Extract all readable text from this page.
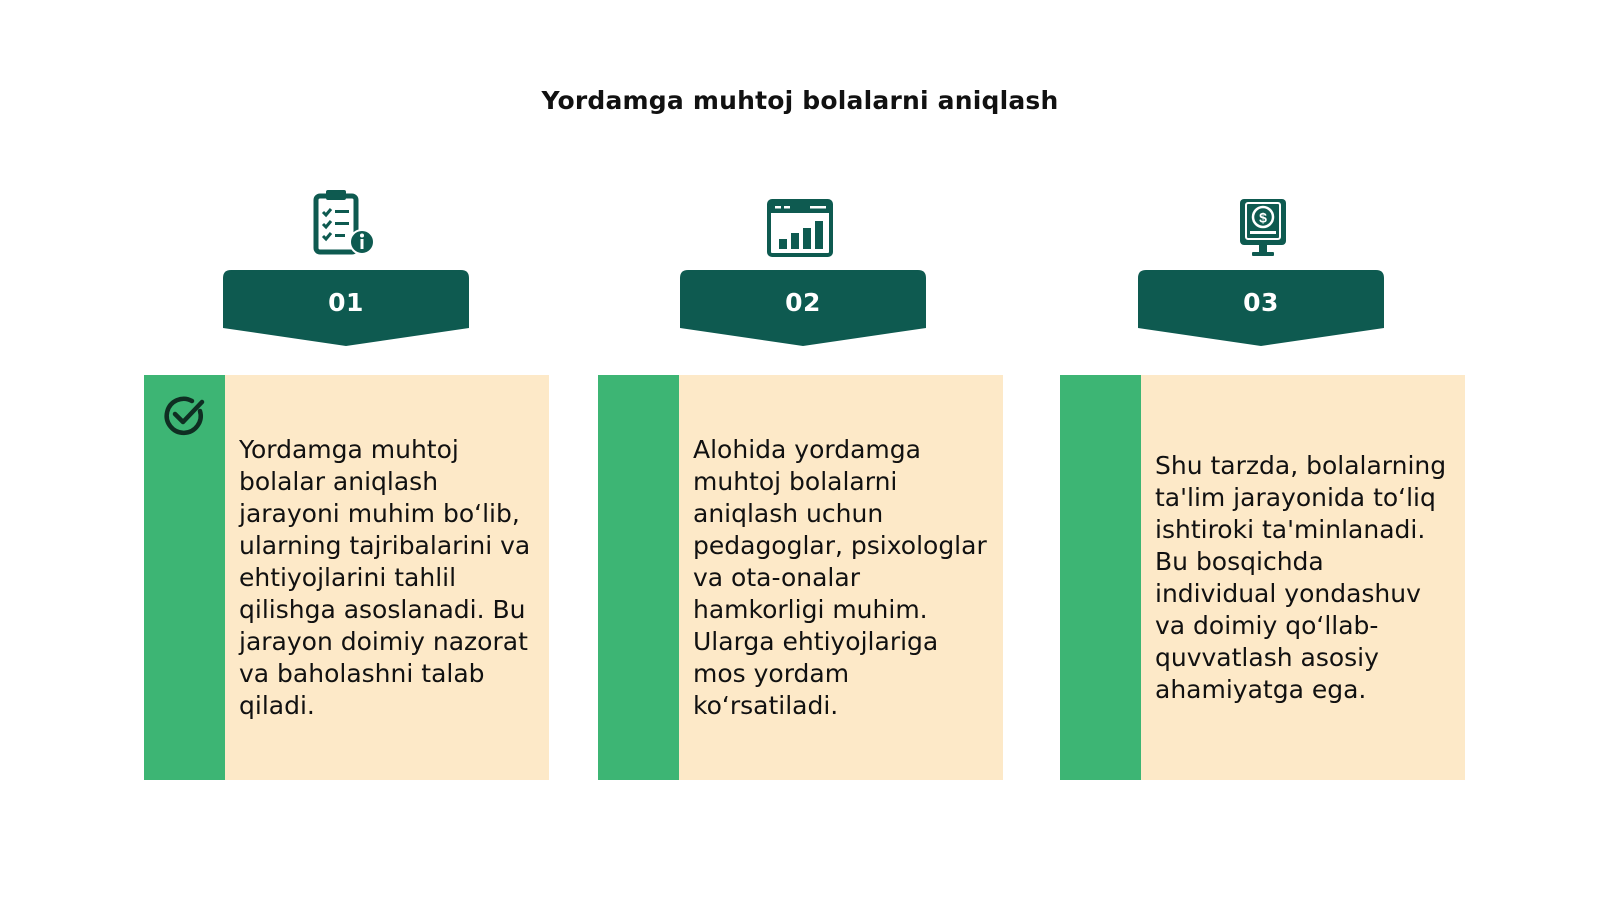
Yordamga muhtoj bolalarni aniqlash
01
Yordamga muhtoj bolalar aniqlash jarayoni muhim bo‘lib, ularning tajribalarini va ehtiyojlarini tahlil qilishga asoslanadi. Bu jarayon doimiy nazorat va baholashni talab qiladi.
02
Alohida yordamga muhtoj bolalarni aniqlash uchun pedagoglar, psixologlar va ota-onalar hamkorligi muhim. Ularga ehtiyojlariga mos yordam ko‘rsatiladi.
$
03
Shu tarzda, bolalarning ta'lim jarayonida to‘liq ishtiroki ta'minlanadi. Bu bosqichda individual yondashuv va doimiy qo‘llab-quvvatlash asosiy ahamiyatga ega.
